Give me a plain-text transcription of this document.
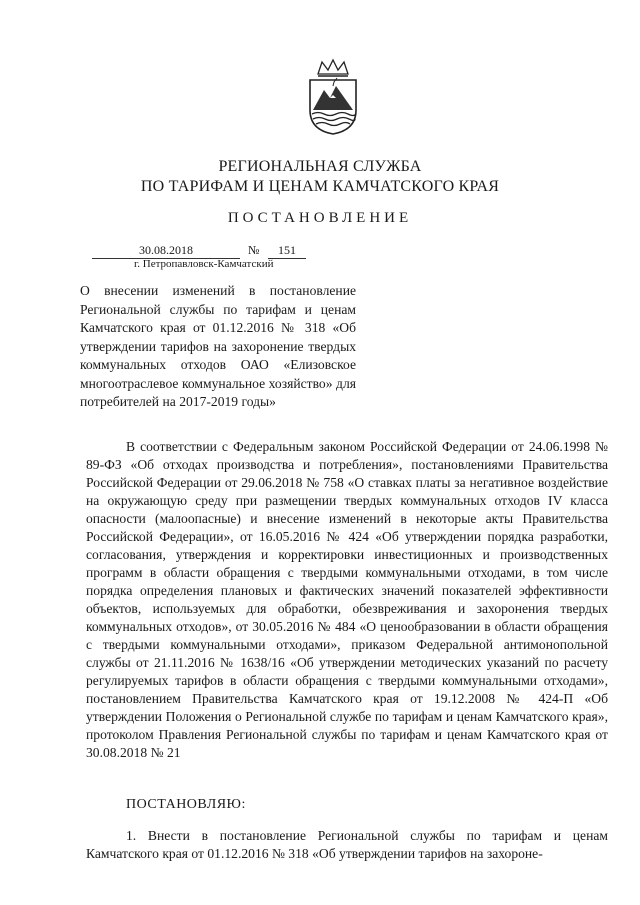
РЕГИОНАЛЬНАЯ СЛУЖБА
ПО ТАРИФАМ И ЦЕНАМ КАМЧАТСКОГО КРАЯ
ПОСТАНОВЛЕНИЕ
30.08.2018	№	151
г. Петропавловск-Камчатский
О внесении изменений в постановление Региональной службы по тарифам и ценам Камчатского края от 01.12.2016 № 318 «Об утверждении тарифов на захоронение твердых коммунальных отходов ОАО «Елизовское многоотраслевое коммунальное хозяйство» для потребителей на 2017-2019 годы»

В соответствии с Федеральным законом Российской Федерации от 24.06.1998 № 89-ФЗ «Об отходах производства и потребления», постановлениями Правительства Российской Федерации от 29.06.2018 № 758 «О ставках платы за негативное воздействие на окружающую среду при размещении твердых коммунальных отходов IV класса опасности (малоопасные) и внесение изменений в некоторые акты Правительства Российской Федерации», от 16.05.2016 № 424 «Об утверждении порядка разработки, согласования, утверждения и корректировки инвестиционных и производственных программ в области обращения с твердыми коммунальными отходами, в том числе порядка определения плановых и фактических значений показателей эффективности объектов, используемых для обработки, обезвреживания и захоронения твердых коммунальных отходов», от 30.05.2016 № 484 «О ценообразовании в области обращения с твердыми коммунальными отходами», приказом Федеральной антимонопольной службы от 21.11.2016 № 1638/16 «Об утверждении методических указаний по расчету регулируемых тарифов в области обращения с твердыми коммунальными отходами», постановлением Правительства Камчатского края от 19.12.2008 № 424-П «Об утверждении Положения о Региональной службе по тарифам и ценам Камчатского края», протоколом Правления Региональной службы по тарифам и ценам Камчатского края от 30.08.2018 № 21

ПОСТАНОВЛЯЮ:

1. Внести в постановление Региональной службы по тарифам и ценам Камчатского края от 01.12.2016 № 318 «Об утверждении тарифов на захороне-
